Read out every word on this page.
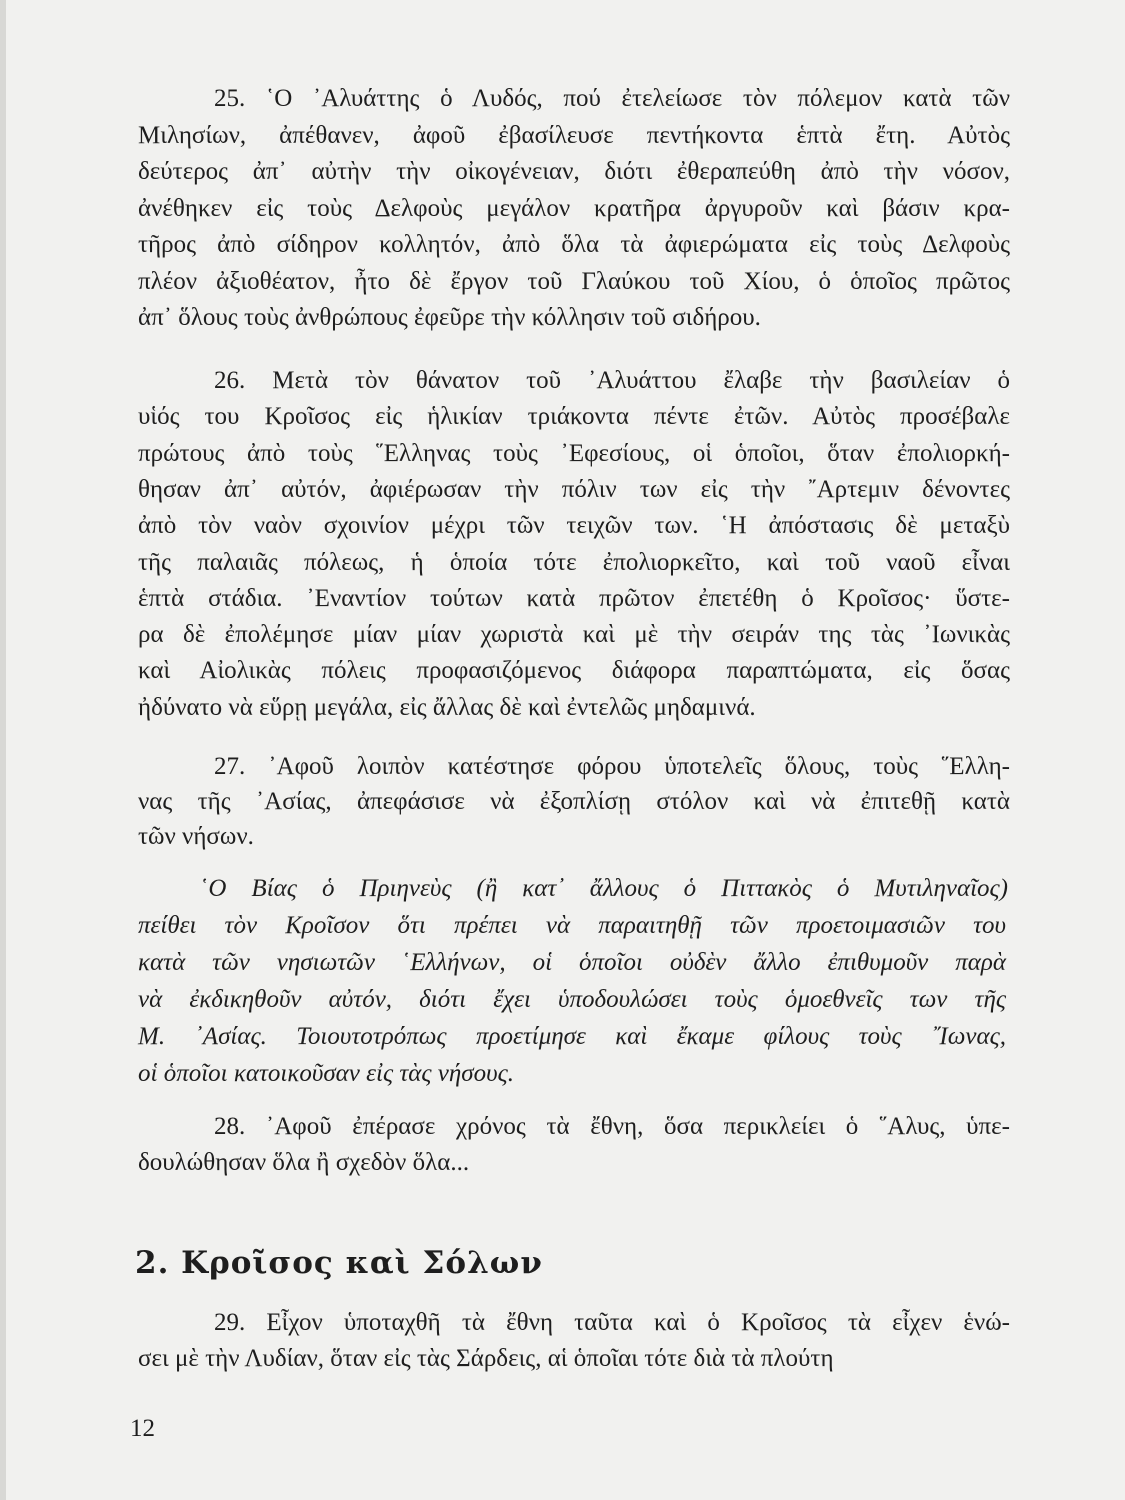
25. ῾Ο ᾿Αλυάττης ὁ Λυδός, πού ἐτελείωσε τὸν πόλεμον κατὰ τῶν
Μιλησίων, ἀπέθανεν, ἀφοῦ ἐβασίλευσε πεντήκοντα ἑπτὰ ἔτη. Αὐτὸς
δεύτερος ἀπ᾿ αὐτὴν τὴν οἰκογένειαν, διότι ἐθεραπεύθη ἀπὸ τὴν νόσον,
ἀνέθηκεν εἰς τοὺς Δελφοὺς μεγάλον κρατῆρα ἀργυροῦν καὶ βάσιν κρα-
τῆρος ἀπὸ σίδηρον κολλητόν, ἀπὸ ὅλα τὰ ἀφιερώματα εἰς τοὺς Δελφοὺς
πλέον ἀξιοθέατον, ἦτο δὲ ἔργον τοῦ Γλαύκου τοῦ Χίου, ὁ ὁποῖος πρῶτος
ἀπ᾿ ὅλους τοὺς ἀνθρώπους ἐφεῦρε τὴν κόλλησιν τοῦ σιδήρου.
26. Μετὰ τὸν θάνατον τοῦ ᾿Αλυάττου ἔλαβε τὴν βασιλείαν ὁ
υἱός του Κροῖσος εἰς ἡλικίαν τριάκοντα πέντε ἐτῶν. Αὐτὸς προσέβαλε
πρώτους ἀπὸ τοὺς ῞Ελληνας τοὺς ᾿Εφεσίους, οἱ ὁποῖοι, ὅταν ἐπολιορκή-
θησαν ἀπ᾿ αὐτόν, ἀφιέρωσαν τὴν πόλιν των εἰς τὴν ῎Αρτεμιν δένοντες
ἀπὸ τὸν ναὸν σχοινίον μέχρι τῶν τειχῶν των. ῾Η ἀπόστασις δὲ μεταξὺ
τῆς παλαιᾶς πόλεως, ἡ ὁποία τότε ἐπολιορκεῖτο, καὶ τοῦ ναοῦ εἶναι
ἑπτὰ στάδια. ᾿Εναντίον τούτων κατὰ πρῶτον ἐπετέθη ὁ Κροῖσος· ὕστε-
ρα δὲ ἐπολέμησε μίαν μίαν χωριστὰ καὶ μὲ τὴν σειράν της τὰς ᾿Ιωνικὰς
καὶ Αἰολικὰς πόλεις προφασιζόμενος διάφορα παραπτώματα, εἰς ὅσας
ἠδύνατο νὰ εὕρῃ μεγάλα, εἰς ἄλλας δὲ καὶ ἐντελῶς μηδαμινά.
27. ᾿Αφοῦ λοιπὸν κατέστησε φόρου ὑποτελεῖς ὅλους, τοὺς ῞Ελλη-
νας τῆς ᾿Ασίας, ἀπεφάσισε νὰ ἐξοπλίσῃ στόλον καὶ νὰ ἐπιτεθῇ κατὰ
τῶν νήσων.
῾Ο Βίας ὁ Πριηνεὺς (ἢ κατ᾿ ἄλλους ὁ Πιττακὸς ὁ Μυτιληναῖος)
πείθει τὸν Κροῖσον ὅτι πρέπει νὰ παραιτηθῇ τῶν προετοιμασιῶν του
κατὰ τῶν νησιωτῶν ῾Ελλήνων, οἱ ὁποῖοι οὐδὲν ἄλλο ἐπιθυμοῦν παρὰ
νὰ ἐκδικηθοῦν αὐτόν, διότι ἔχει ὑποδουλώσει τοὺς ὁμοεθνεῖς των τῆς
Μ. ᾿Ασίας. Τοιουτοτρόπως προετίμησε καὶ ἔκαμε φίλους τοὺς ῎Ιωνας,
οἱ ὁποῖοι κατοικοῦσαν εἰς τὰς νήσους.
28. ᾿Αφοῦ ἐπέρασε χρόνος τὰ ἔθνη, ὅσα περικλείει ὁ ῞Αλυς, ὑπε-
δουλώθησαν ὅλα ἢ σχεδὸν ὅλα...
29. Εἶχον ὑποταχθῆ τὰ ἔθνη ταῦτα καὶ ὁ Κροῖσος τὰ εἶχεν ἑνώ-
σει μὲ τὴν Λυδίαν, ὅταν εἰς τὰς Σάρδεις, αἱ ὁποῖαι τότε διὰ τὰ πλούτη
2. Κροῖσος καὶ Σόλων
12
